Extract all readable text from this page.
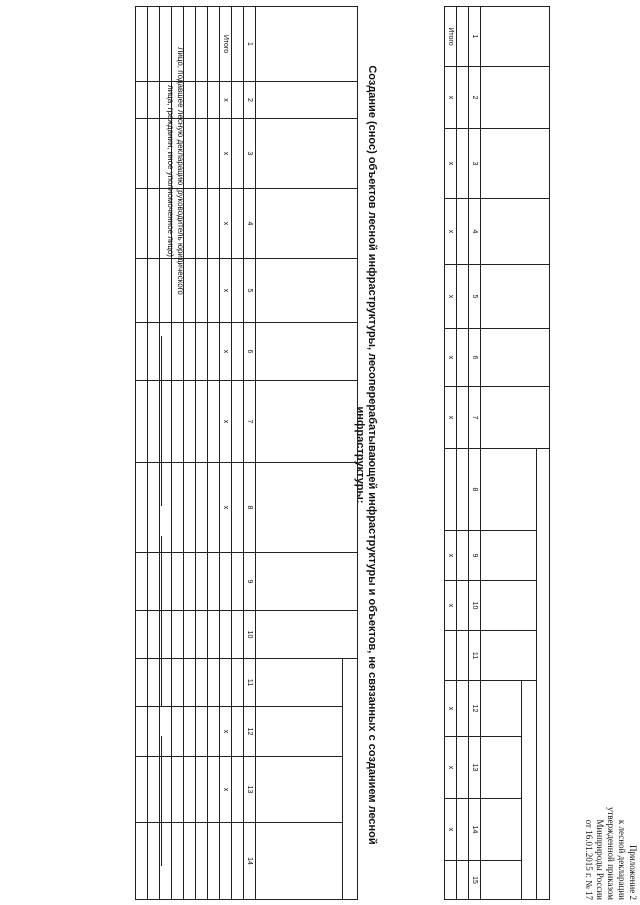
Приложение 2
к лесной декларации
утвержденной приказом
Минприроды России
от 16.01.2015 г. № 17

1	2	3	4	5	6	7	8	9	10	11	12	13	14	15

Итого	x	x	x	x	x	x		x	x		x	x	x	
Создание (снос) объектов лесной инфраструктуры, лесоперерабатывающей инфраструктуры и объектов, не связанных с созданием лесной инфраструктуры:

1	2	3	4	5	6	7	8	9	10	11	12	13	14

Итого	x	x	x	x	x	x	x				x	x	

Лицо, подавшее лесную декларацию (руководитель юридического лица, гражданин, иное уполномоченное лицо)
